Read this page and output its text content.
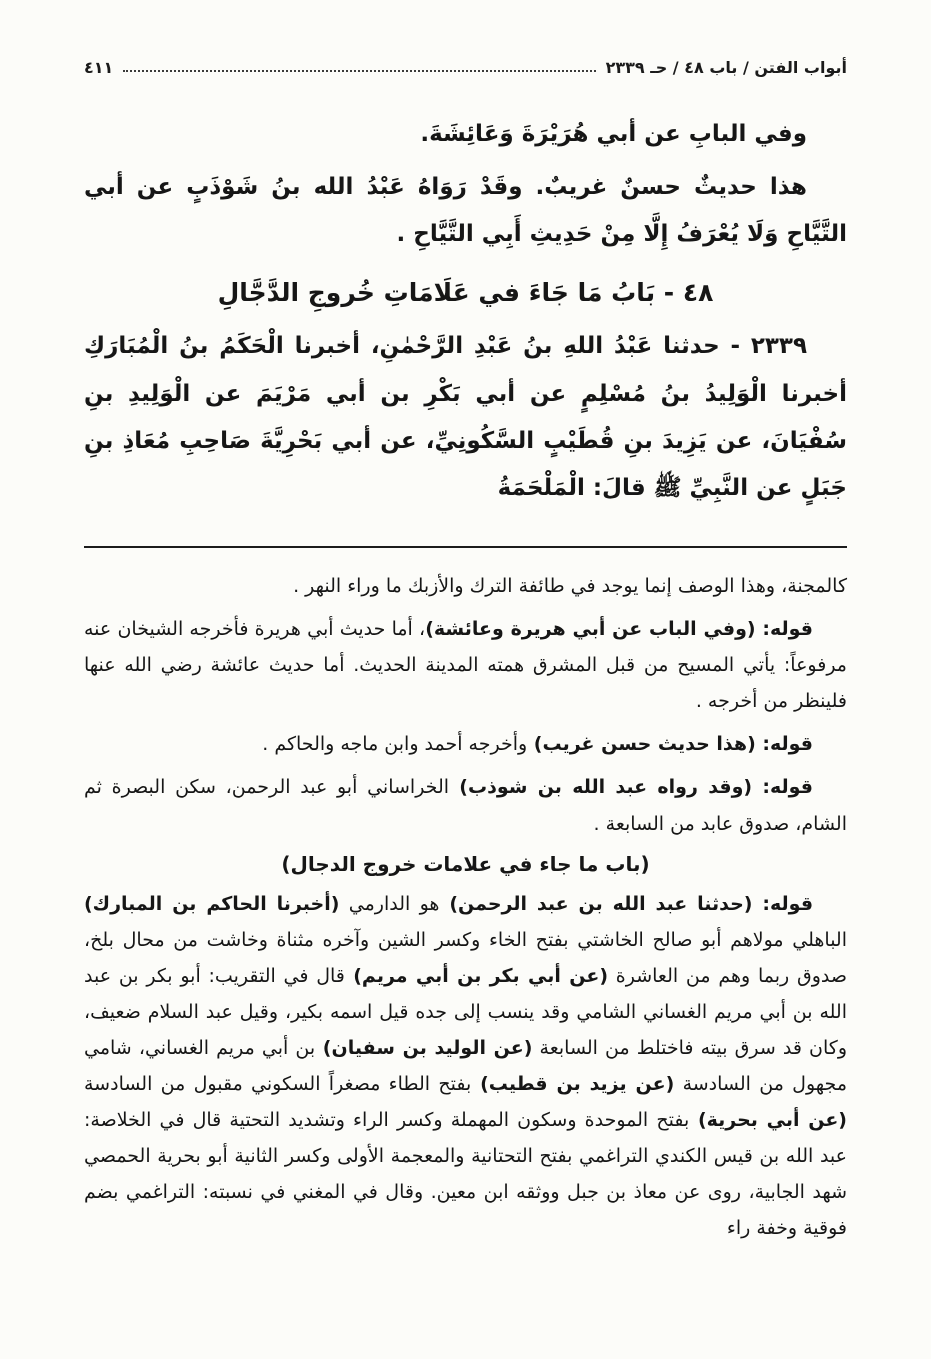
أبواب الفتن / باب ٤٨ / حـ ٢٣٣٩
٤١١

وفي البابِ عن أبي هُرَيْرَةَ وَعَائِشَةَ.

هذا حديثٌ حسنٌ غريبٌ. وقَدْ رَوَاهُ عَبْدُ الله بنُ شَوْذَبٍ عن أبي التَّيَّاحِ وَلَا يُعْرَفُ إِلَّا مِنْ حَدِيثِ أَبِي التَّيَّاحِ .

٤٨ - بَابُ مَا جَاءَ في عَلَامَاتِ خُروجِ الدَّجَّالِ

٢٣٣٩ - حدثنا عَبْدُ اللهِ بنُ عَبْدِ الرَّحْمٰنِ، أخبرنا الْحَكَمُ بنُ الْمُبَارَكِ أخبرنا الْوَلِيدُ بنُ مُسْلِمٍ عن أبي بَكْرِ بن أبي مَرْيَمَ عن الْوَلِيدِ بنِ سُفْيَانَ، عن يَزِيدَ بنِ قُطَيْبٍ السَّكُونِيِّ، عن أبي بَحْرِيَّةَ صَاحِبِ مُعَاذِ بنِ جَبَلٍ عن النَّبِيِّ ﷺ قالَ: الْمَلْحَمَةُ

كالمجنة، وهذا الوصف إنما يوجد في طائفة الترك والأزبك ما وراء النهر .

قوله: (وفي الباب عن أبي هريرة وعائشة)، أما حديث أبي هريرة فأخرجه الشيخان عنه مرفوعاً: يأتي المسيح من قبل المشرق همته المدينة الحديث. أما حديث عائشة رضي الله عنها فلينظر من أخرجه .

قوله: (هذا حديث حسن غريب) وأخرجه أحمد وابن ماجه والحاكم .

قوله: (وقد رواه عبد الله بن شوذب) الخراساني أبو عبد الرحمن، سكن البصرة ثم الشام، صدوق عابد من السابعة .

(باب ما جاء في علامات خروج الدجال)

قوله: (حدثنا عبد الله بن عبد الرحمن) هو الدارمي (أخبرنا الحاكم بن المبارك) الباهلي مولاهم أبو صالح الخاشتي بفتح الخاء وكسر الشين وآخره مثناة وخاشت من محال بلخ، صدوق ربما وهم من العاشرة (عن أبي بكر بن أبي مريم) قال في التقريب: أبو بكر بن عبد الله بن أبي مريم الغساني الشامي وقد ينسب إلى جده قيل اسمه بكير، وقيل عبد السلام ضعيف، وكان قد سرق بيته فاختلط من السابعة (عن الوليد بن سفيان) بن أبي مريم الغساني، شامي مجهول من السادسة (عن يزيد بن قطيب) بفتح الطاء مصغراً السكوني مقبول من السادسة (عن أبي بحرية) بفتح الموحدة وسكون المهملة وكسر الراء وتشديد التحتية قال في الخلاصة: عبد الله بن قيس الكندي التراغمي بفتح التحتانية والمعجمة الأولى وكسر الثانية أبو بحرية الحمصي شهد الجابية، روى عن معاذ بن جبل ووثقه ابن معين. وقال في المغني في نسبته: التراغمي بضم فوقية وخفة راء
